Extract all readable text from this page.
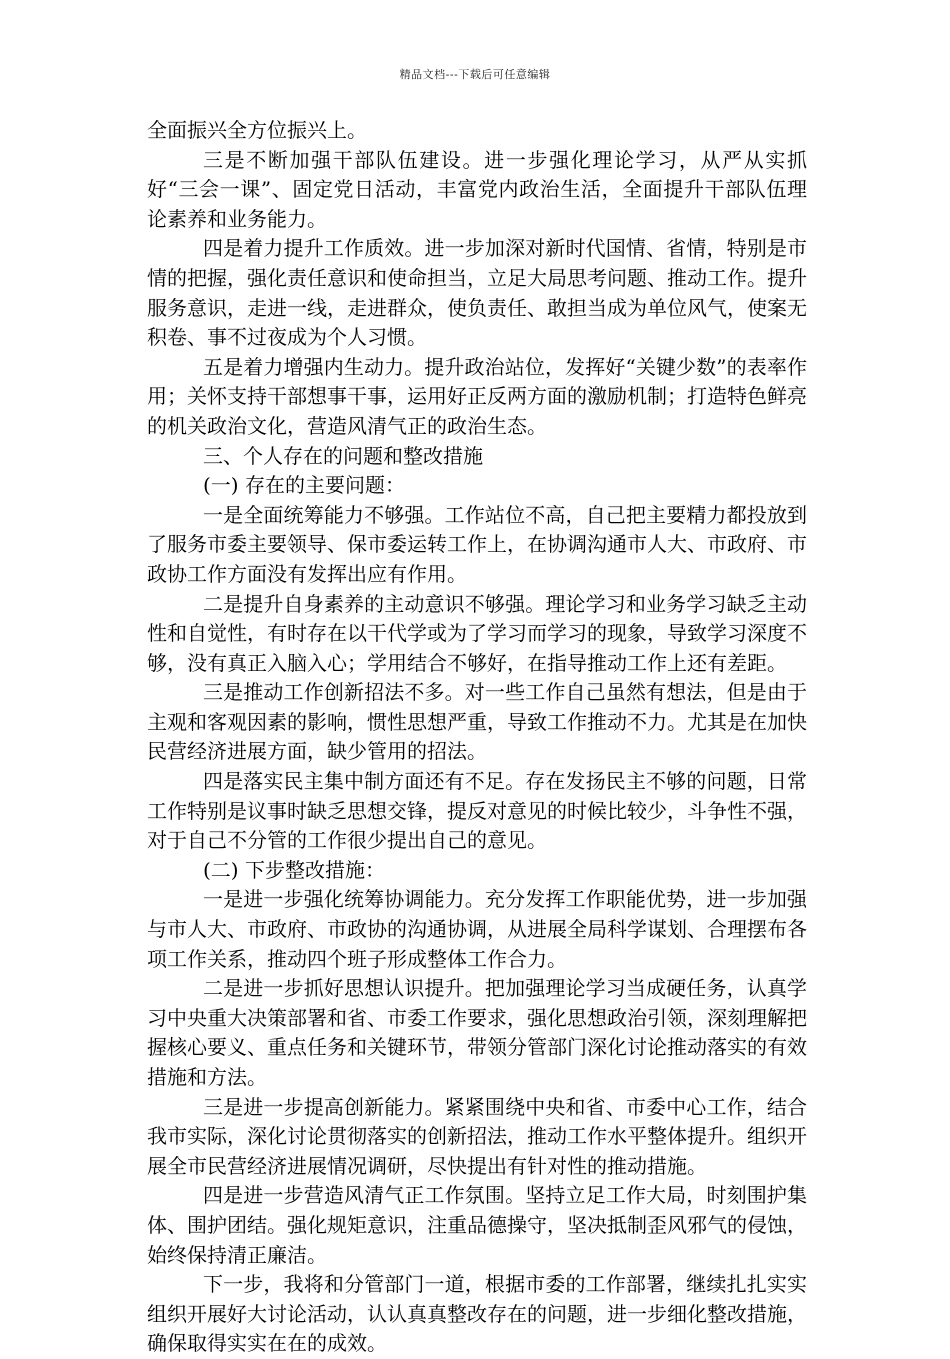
精品文档---下载后可任意编辑

全面振兴全方位振兴上。

三是不断加强干部队伍建设。进一步强化理论学习，从严从实抓好“三会一课”、固定党日活动，丰富党内政治生活，全面提升干部队伍理论素养和业务能力。

四是着力提升工作质效。进一步加深对新时代国情、省情，特别是市情的把握，强化责任意识和使命担当，立足大局思考问题、推动工作。提升服务意识，走进一线，走进群众，使负责任、敢担当成为单位风气，使案无积卷、事不过夜成为个人习惯。

五是着力增强内生动力。提升政治站位，发挥好“关键少数”的表率作用；关怀支持干部想事干事，运用好正反两方面的激励机制；打造特色鲜亮的机关政治文化，营造风清气正的政治生态。

三、个人存在的问题和整改措施

(一) 存在的主要问题：

一是全面统筹能力不够强。工作站位不高，自己把主要精力都投放到了服务市委主要领导、保市委运转工作上，在协调沟通市人大、市政府、市政协工作方面没有发挥出应有作用。

二是提升自身素养的主动意识不够强。理论学习和业务学习缺乏主动性和自觉性，有时存在以干代学或为了学习而学习的现象，导致学习深度不够，没有真正入脑入心；学用结合不够好，在指导推动工作上还有差距。

三是推动工作创新招法不多。对一些工作自己虽然有想法，但是由于主观和客观因素的影响，惯性思想严重，导致工作推动不力。尤其是在加快民营经济进展方面，缺少管用的招法。

四是落实民主集中制方面还有不足。存在发扬民主不够的问题，日常工作特别是议事时缺乏思想交锋，提反对意见的时候比较少，斗争性不强，对于自己不分管的工作很少提出自己的意见。

(二) 下步整改措施：

一是进一步强化统筹协调能力。充分发挥工作职能优势，进一步加强与市人大、市政府、市政协的沟通协调，从进展全局科学谋划、合理摆布各项工作关系，推动四个班子形成整体工作合力。

二是进一步抓好思想认识提升。把加强理论学习当成硬任务，认真学习中央重大决策部署和省、市委工作要求，强化思想政治引领，深刻理解把握核心要义、重点任务和关键环节，带领分管部门深化讨论推动落实的有效措施和方法。

三是进一步提高创新能力。紧紧围绕中央和省、市委中心工作，结合我市实际，深化讨论贯彻落实的创新招法，推动工作水平整体提升。组织开展全市民营经济进展情况调研，尽快提出有针对性的推动措施。

四是进一步营造风清气正工作氛围。坚持立足工作大局，时刻围护集体、围护团结。强化规矩意识，注重品德操守，坚决抵制歪风邪气的侵蚀，始终保持清正廉洁。

下一步，我将和分管部门一道，根据市委的工作部署，继续扎扎实实组织开展好大讨论活动，认认真真整改存在的问题，进一步细化整改措施，确保取得实实在在的成效。
